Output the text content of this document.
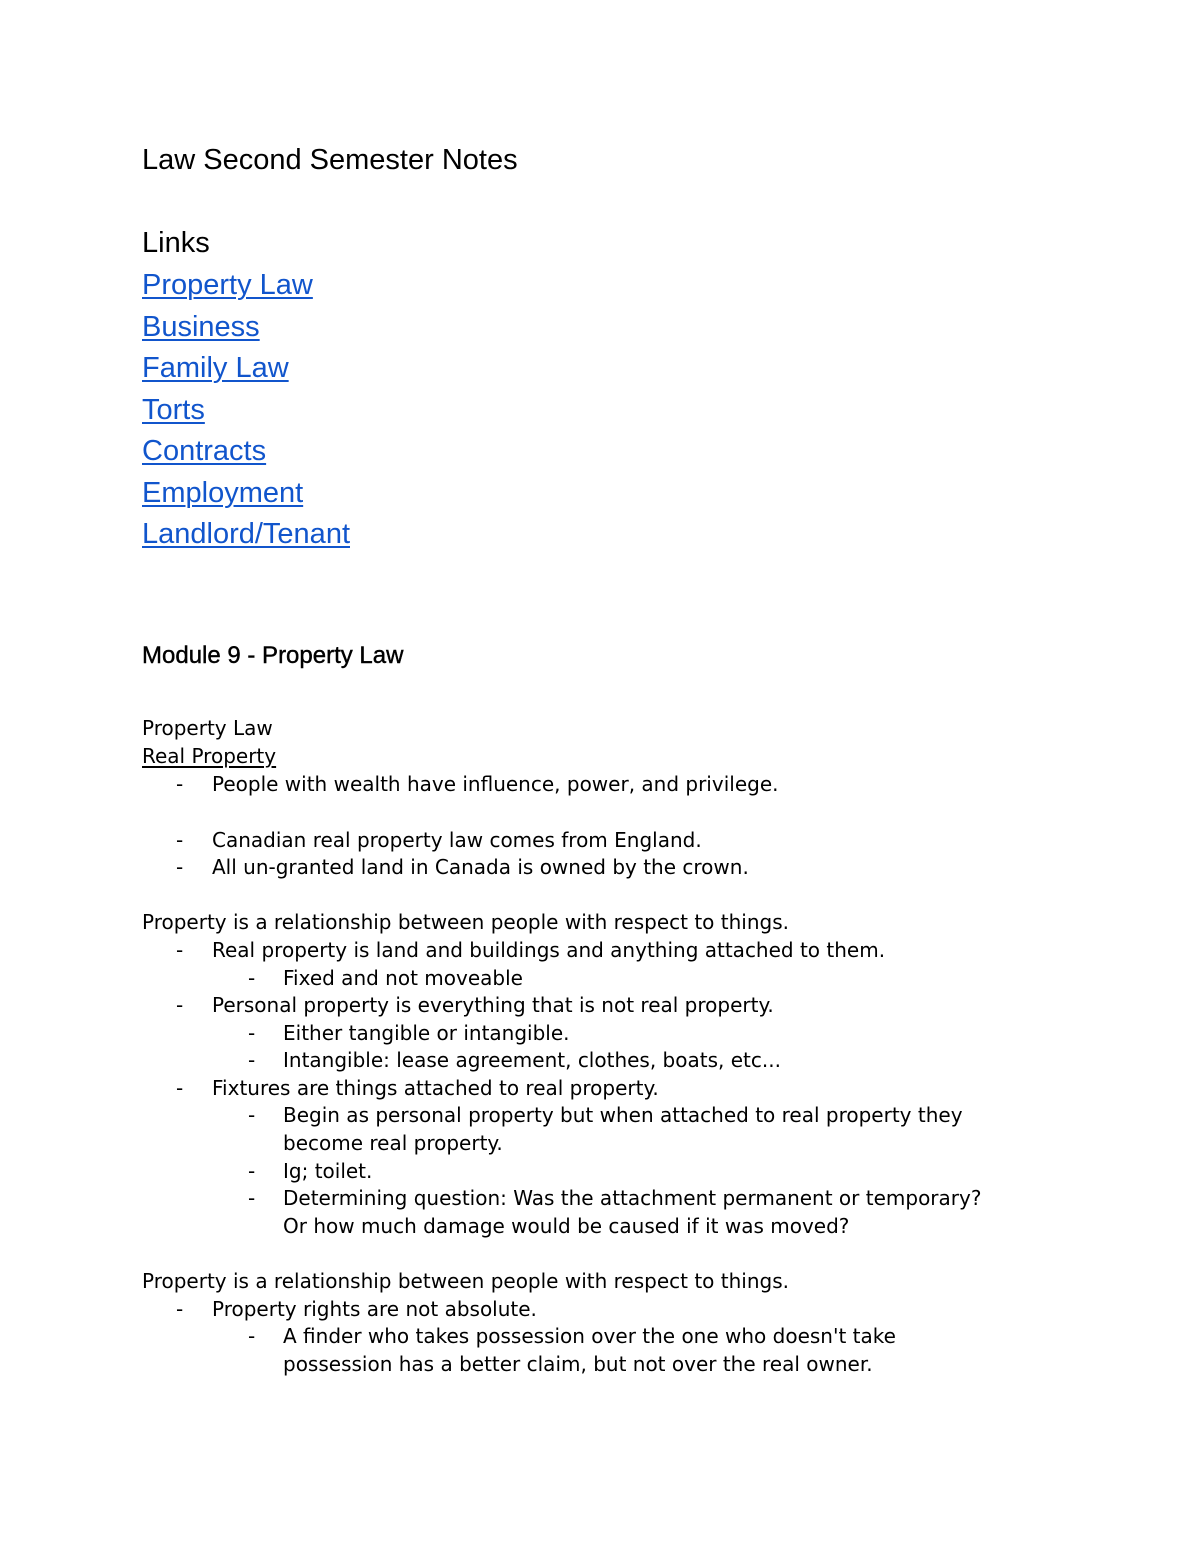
Law Second Semester Notes
Links
Property Law
Business
Family Law
Torts
Contracts
Employment
Landlord/Tenant
Module 9 - Property Law
Property Law
Real Property
- People with wealth have influence, power, and privilege.
- Canadian real property law comes from England.
- All un-granted land in Canada is owned by the crown.
Property is a relationship between people with respect to things.
- Real property is land and buildings and anything attached to them.
- Fixed and not moveable
- Personal property is everything that is not real property.
- Either tangible or intangible.
- Intangible: lease agreement, clothes, boats, etc...
- Fixtures are things attached to real property.
- Begin as personal property but when attached to real property they
become real property.
- Ig; toilet.
- Determining question: Was the attachment permanent or temporary?
Or how much damage would be caused if it was moved?
Property is a relationship between people with respect to things.
- Property rights are not absolute.
- A finder who takes possession over the one who doesn't take
possession has a better claim, but not over the real owner.
